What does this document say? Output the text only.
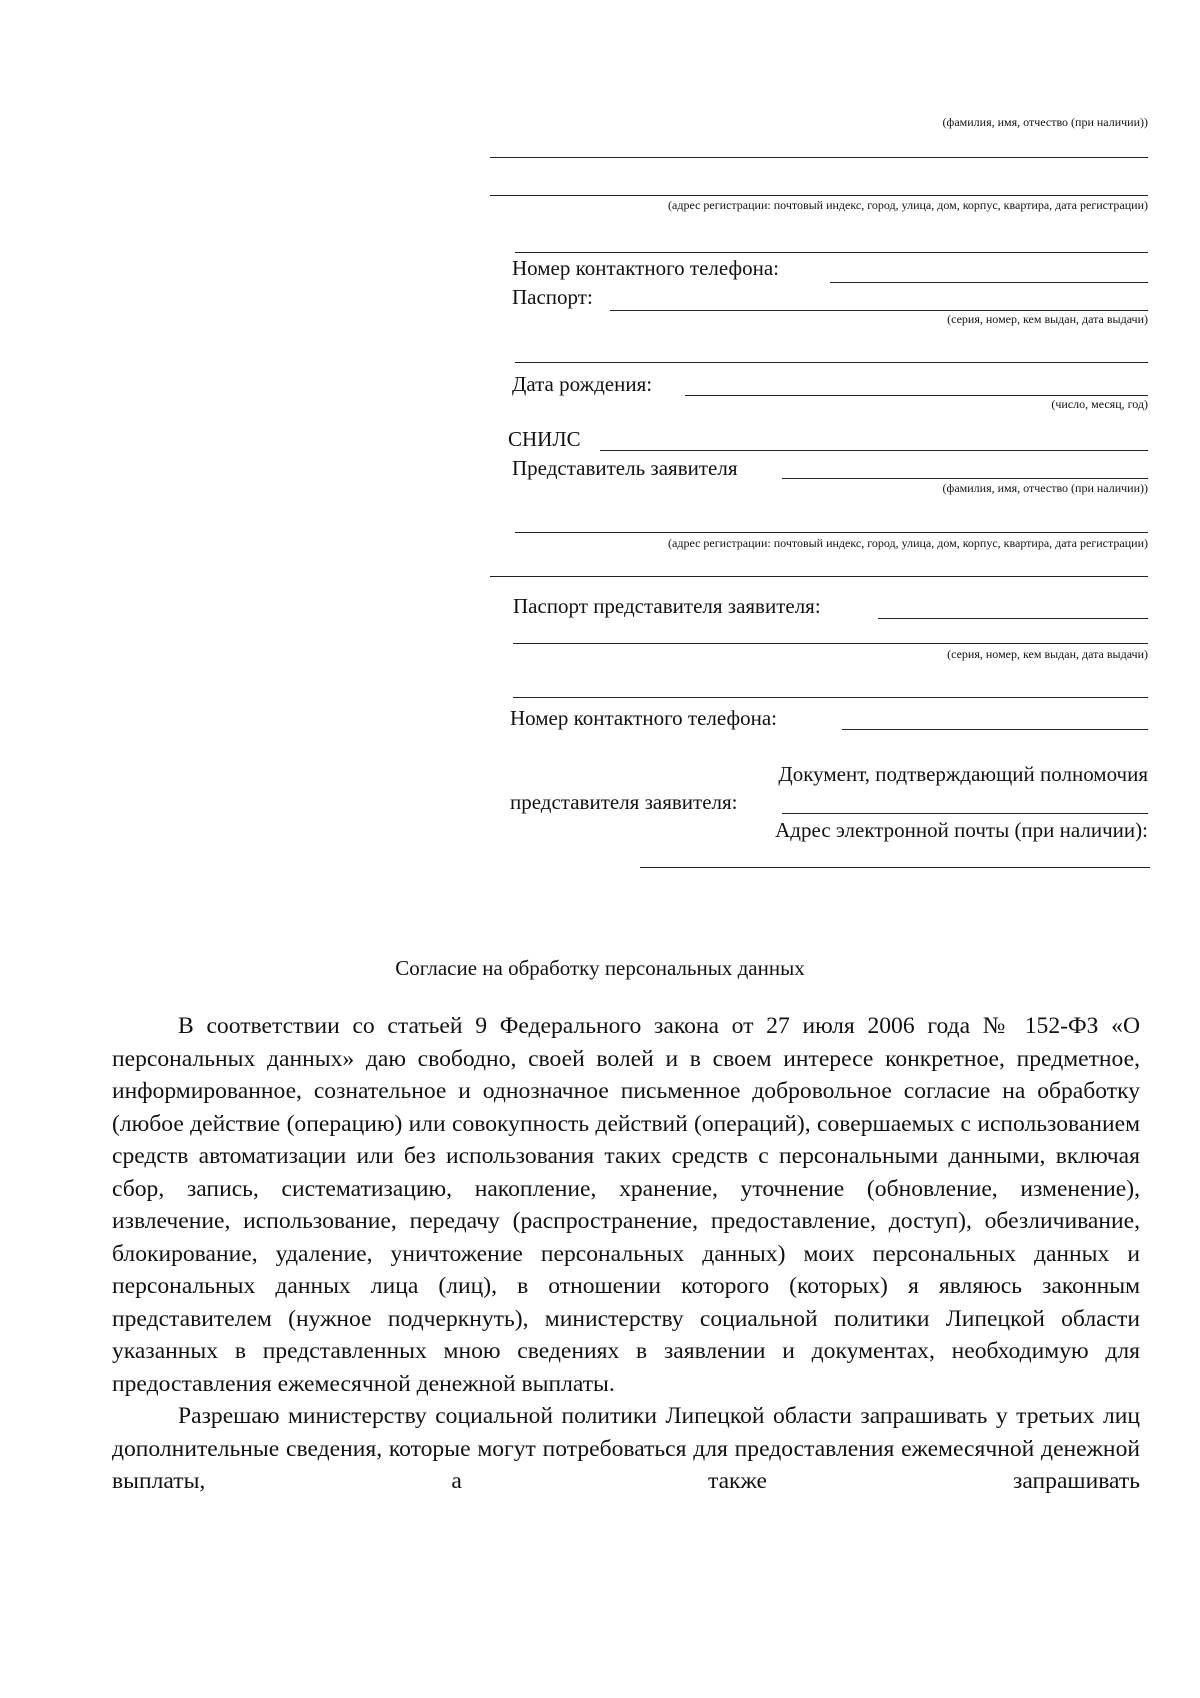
(фамилия, имя, отчество (при наличии))
(адрес регистрации: почтовый индекс, город, улица, дом, корпус, квартира, дата регистрации)
Номер контактного телефона:
Паспорт:
(серия, номер, кем выдан, дата выдачи)
Дата рождения:
(число, месяц, год)
СНИЛС
Представитель заявителя
(фамилия, имя, отчество (при наличии))
(адрес регистрации: почтовый индекс, город, улица, дом, корпус, квартира, дата регистрации)
Паспорт представителя заявителя:
(серия, номер, кем выдан, дата выдачи)
Номер контактного телефона:
Документ, подтверждающий полномочия
представителя заявителя:
Адрес электронной почты (при наличии):
Согласие на обработку персональных данных

В соответствии со статьей 9 Федерального закона от 27 июля 2006 года № 152-ФЗ «О персональных данных» даю свободно, своей волей и в своем интересе конкретное, предметное, информированное, сознательное и однозначное письменное добровольное согласие на обработку (любое действие (операцию) или совокупность действий (операций), совершаемых с использованием средств автоматизации или без использования таких средств с персональными данными, включая сбор, запись, систематизацию, накопление, хранение, уточнение (обновление, изменение), извлечение, использование, передачу (распространение, предоставление, доступ), обезличивание, блокирование, удаление, уничтожение персональных данных) моих персональных данных и персональных данных лица (лиц), в отношении которого (которых) я являюсь законным представителем (нужное подчеркнуть), министерству социальной политики Липецкой области указанных в представленных мною сведениях в заявлении и документах, необходимую для предоставления ежемесячной денежной выплаты.

Разрешаю министерству социальной политики Липецкой области запрашивать у третьих лиц дополнительные сведения, которые могут потребоваться для предоставления ежемесячной денежной выплаты, а также запрашивать
